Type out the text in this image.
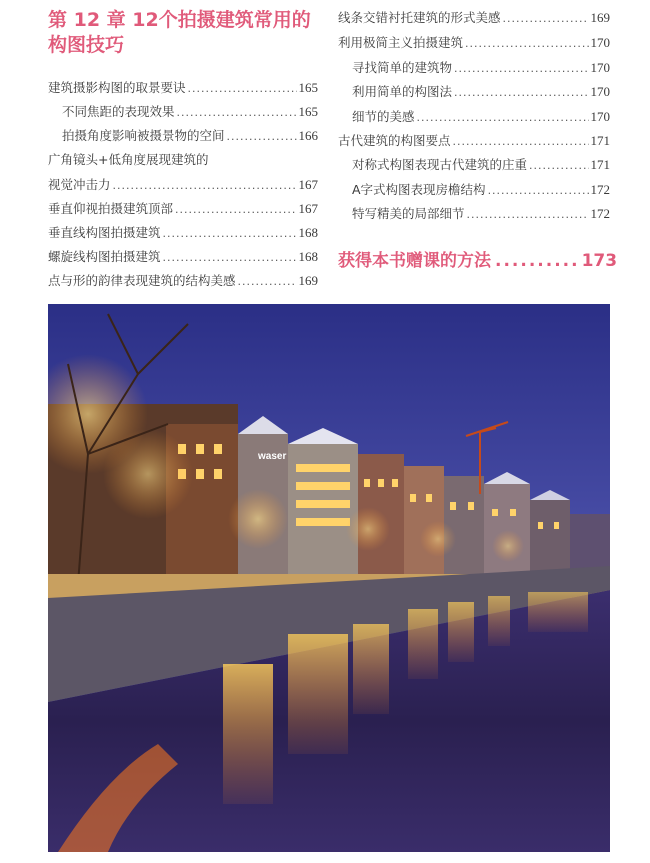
第 12 章 12个拍摄建筑常用的构图技巧
建筑摄影构图的取景要诀 .....	165
不同焦距的表现效果 .....	165
拍摄角度影响被摄景物的空间 .....	166
广角镜头+低角度展现建筑的
视觉冲击力 .....	167
垂直仰视拍摄建筑顶部 .....	167
垂直线构图拍摄建筑 .....	168
螺旋线构图拍摄建筑 .....	168
点与形的韵律表现建筑的结构美感 .....	169
线条交错衬托建筑的形式美感 .....	169
利用极简主义拍摄建筑 .....	170
寻找简单的建筑物 .....	170
利用简单的构图法 .....	170
细节的美感 .....	170
古代建筑的构图要点 .....	171
对称式构图表现古代建筑的庄重 .....	171
A字式构图表现房檐结构 .....	172
特写精美的局部细节 .....	172
获得本书赠课的方法 .......... 173
waser
